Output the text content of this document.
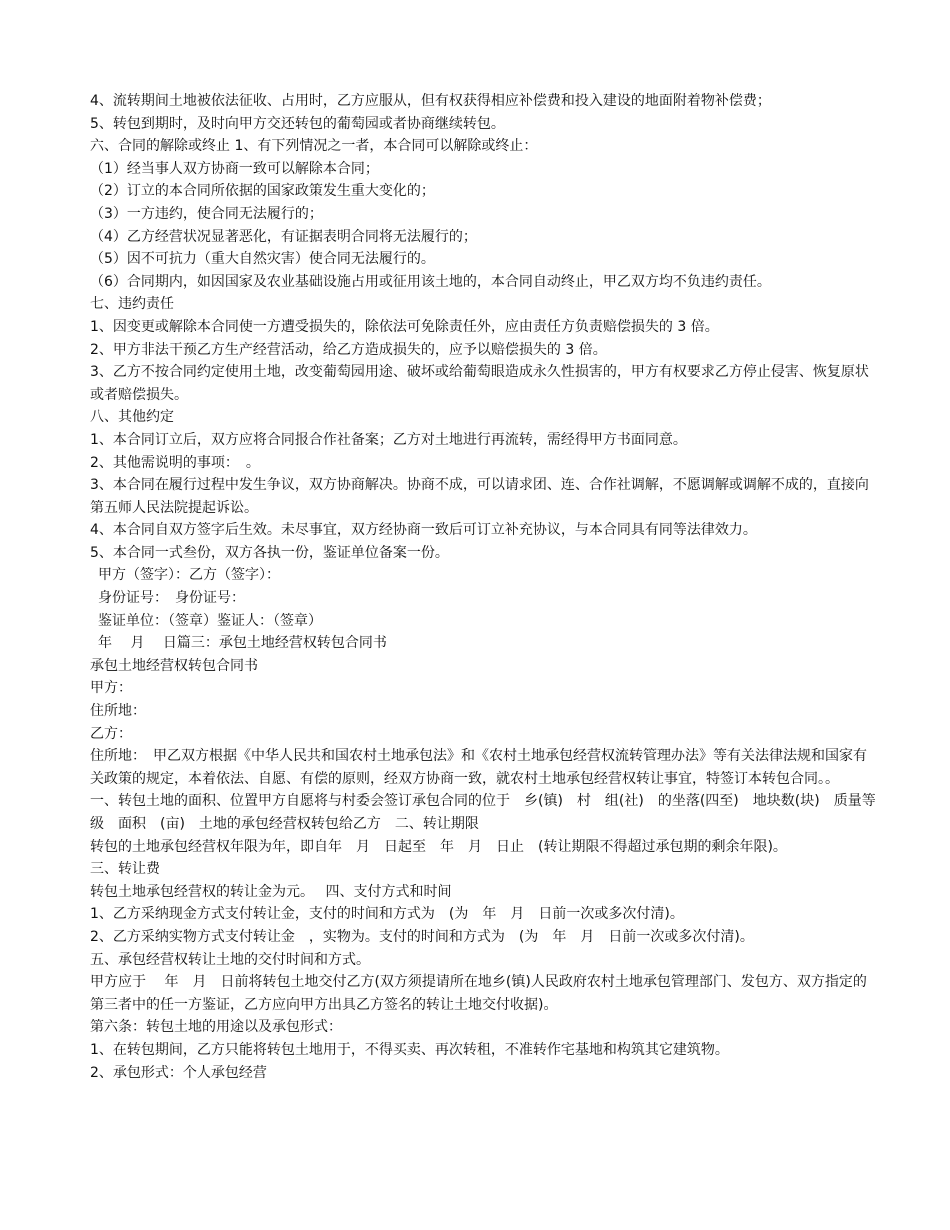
4、流转期间土地被依法征收、占用时，乙方应服从，但有权获得相应补偿费和投入建设的地面附着物补偿费；

5、转包到期时，及时向甲方交还转包的葡萄园或者协商继续转包。

六、合同的解除或终止 1、有下列情况之一者，本合同可以解除或终止：

（1）经当事人双方协商一致可以解除本合同；

（2）订立的本合同所依据的国家政策发生重大变化的；

（3）一方违约，使合同无法履行的；

（4）乙方经营状况显著恶化，有证据表明合同将无法履行的；

（5）因不可抗力（重大自然灾害）使合同无法履行的。

（6）合同期内，如因国家及农业基础设施占用或征用该土地的，本合同自动终止，甲乙双方均不负违约责任。

七、违约责任

1、因变更或解除本合同使一方遭受损失的，除依法可免除责任外，应由责任方负责赔偿损失的 3 倍。

2、甲方非法干预乙方生产经营活动，给乙方造成损失的，应予以赔偿损失的 3 倍。

3、乙方不按合同约定使用土地，改变葡萄园用途、破坏或给葡萄眼造成永久性损害的，甲方有权要求乙方停止侵害、恢复原状或者赔偿损失。

八、其他约定

1、本合同订立后，双方应将合同报合作社备案；乙方对土地进行再流转，需经得甲方书面同意。

2、其他需说明的事项：　。

3、本合同在履行过程中发生争议，双方协商解决。协商不成，可以请求团、连、合作社调解，不愿调解或调解不成的，直接向第五师人民法院提起诉讼。

4、本合同自双方签字后生效。未尽事宜，双方经协商一致后可订立补充协议，与本合同具有同等法律效力。

5、本合同一式叁份，双方各执一份，鉴证单位备案一份。

甲方（签字）：乙方（签字）：

身份证号：　身份证号：

鉴证单位：（签章）鉴证人：（签章）

年　 月　 日篇三：承包土地经营权转包合同书

承包土地经营权转包合同书

甲方：

住所地：

乙方：

住所地：　甲乙双方根据《中华人民共和国农村土地承包法》和《农村土地承包经营权流转管理办法》等有关法律法规和国家有关政策的规定，本着依法、自愿、有偿的原则，经双方协商一致，就农村土地承包经营权转让事宜，特签订本转包合同。。

一、转包土地的面积、位置甲方自愿将与村委会签订承包合同的位于　乡(镇)　村　组(社)　的坐落(四至)　地块数(块)　质量等级　面积　(亩)　土地的承包经营权转包给乙方　二、转让期限

转包的土地承包经营权年限为年，即自年　月　日起至　年　月　日止　(转让期限不得超过承包期的剩余年限)。

三、转让费

转包土地承包经营权的转让金为元。　 四、支付方式和时间

1、乙方采纳现金方式支付转让金，支付的时间和方式为　(为　年　月　日前一次或多次付清)。

2、乙方采纳实物方式支付转让金　，实物为。支付的时间和方式为　(为　年　月　日前一次或多次付清)。

五、承包经营权转让土地的交付时间和方式。

甲方应于　 年　月　日前将转包土地交付乙方(双方须提请所在地乡(镇)人民政府农村土地承包管理部门、发包方、双方指定的第三者中的任一方鉴证，乙方应向甲方出具乙方签名的转让土地交付收据)。

第六条：转包土地的用途以及承包形式：

1、在转包期间，乙方只能将转包土地用于，不得买卖、再次转租，不准转作宅基地和构筑其它建筑物。

2、承包形式：个人承包经营
